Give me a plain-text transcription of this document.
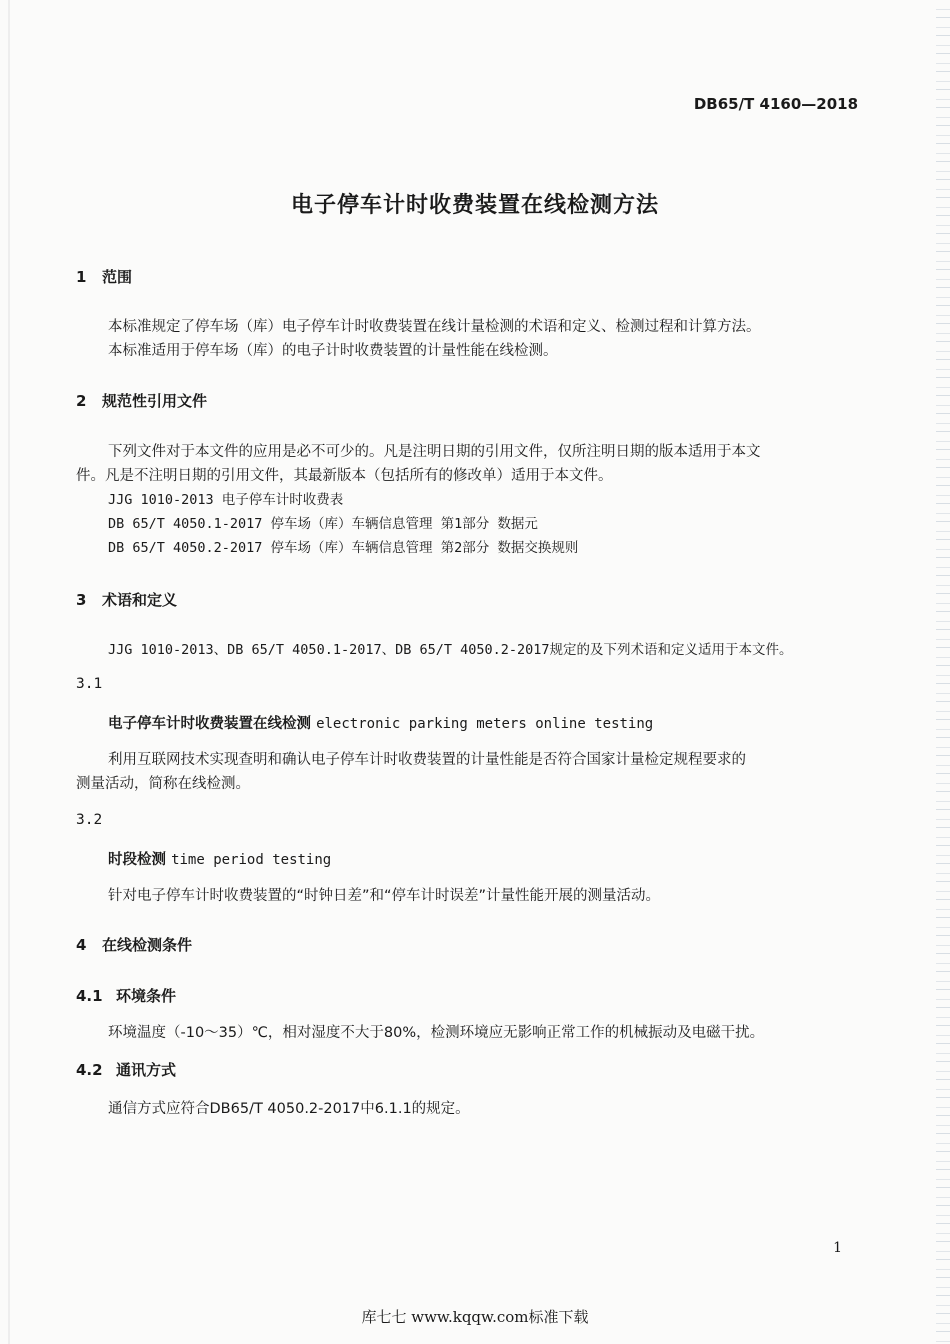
DB65/T 4160—2018
电子停车计时收费装置在线检测方法
1 范围
本标准规定了停车场（库）电子停车计时收费装置在线计量检测的术语和定义、检测过程和计算方法。
本标准适用于停车场（库）的电子计时收费装置的计量性能在线检测。
2 规范性引用文件
下列文件对于本文件的应用是必不可少的。凡是注明日期的引用文件，仅所注明日期的版本适用于本文
件。凡是不注明日期的引用文件，其最新版本（包括所有的修改单）适用于本文件。
JJG 1010-2013 电子停车计时收费表
DB 65/T 4050.1-2017 停车场（库）车辆信息管理 第1部分 数据元
DB 65/T 4050.2-2017 停车场（库）车辆信息管理 第2部分 数据交换规则
3 术语和定义
JJG 1010-2013、DB 65/T 4050.1-2017、DB 65/T 4050.2-2017规定的及下列术语和定义适用于本文件。
3.1
电子停车计时收费装置在线检测 electronic parking meters online testing
利用互联网技术实现查明和确认电子停车计时收费装置的计量性能是否符合国家计量检定规程要求的
测量活动，简称在线检测。
3.2
时段检测 time period testing
针对电子停车计时收费装置的“时钟日差”和“停车计时误差”计量性能开展的测量活动。
4 在线检测条件
4.1 环境条件
环境温度（-10～35）℃，相对湿度不大于80%，检测环境应无影响正常工作的机械振动及电磁干扰。
4.2 通讯方式
通信方式应符合DB65/T 4050.2-2017中6.1.1的规定。
1
库七七 www.kqqw.com标准下载
